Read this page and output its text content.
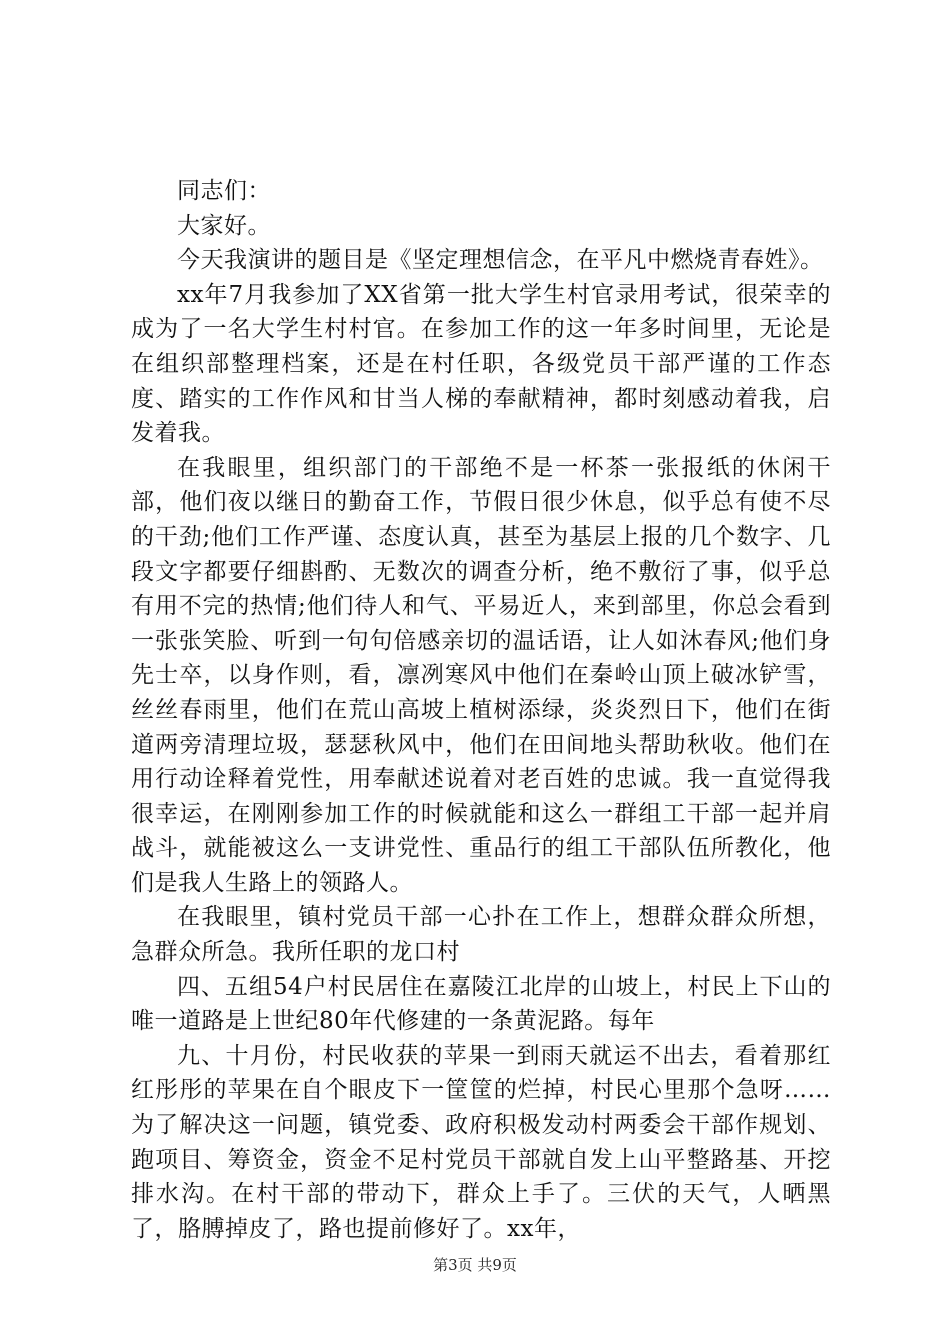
同志们：

大家好。

今天我演讲的题目是《坚定理想信念，在平凡中燃烧青春姓》。

xx年7月我参加了XX省第一批大学生村官录用考试，很荣幸的成为了一名大学生村村官。在参加工作的这一年多时间里，无论是在组织部整理档案，还是在村任职，各级党员干部严谨的工作态度、踏实的工作作风和甘当人梯的奉献精神，都时刻感动着我，启发着我。

在我眼里，组织部门的干部绝不是一杯茶一张报纸的休闲干部，他们夜以继日的勤奋工作，节假日很少休息，似乎总有使不尽的干劲;他们工作严谨、态度认真，甚至为基层上报的几个数字、几段文字都要仔细斟酌、无数次的调查分析，绝不敷衍了事，似乎总有用不完的热情;他们待人和气、平易近人，来到部里，你总会看到一张张笑脸、听到一句句倍感亲切的温话语，让人如沐春风;他们身先士卒，以身作则，看，凛冽寒风中他们在秦岭山顶上破冰铲雪，丝丝春雨里，他们在荒山高坡上植树添绿，炎炎烈日下，他们在街道两旁清理垃圾，瑟瑟秋风中，他们在田间地头帮助秋收。他们在用行动诠释着党性，用奉献述说着对老百姓的忠诚。我一直觉得我很幸运，在刚刚参加工作的时候就能和这么一群组工干部一起并肩战斗，就能被这么一支讲党性、重品行的组工干部队伍所教化，他们是我人生路上的领路人。

在我眼里，镇村党员干部一心扑在工作上，想群众群众所想，急群众所急。我所任职的龙口村

四、五组54户村民居住在嘉陵江北岸的山坡上，村民上下山的唯一道路是上世纪80年代修建的一条黄泥路。每年

九、十月份，村民收获的苹果一到雨天就运不出去，看着那红红彤彤的苹果在自个眼皮下一筐筐的烂掉，村民心里那个急呀……为了解决这一问题，镇党委、政府积极发动村两委会干部作规划、跑项目、筹资金，资金不足村党员干部就自发上山平整路基、开挖排水沟。在村干部的带动下，群众上手了。三伏的天气，人晒黑了，胳膊掉皮了，路也提前修好了。xx年，

第3页 共9页
